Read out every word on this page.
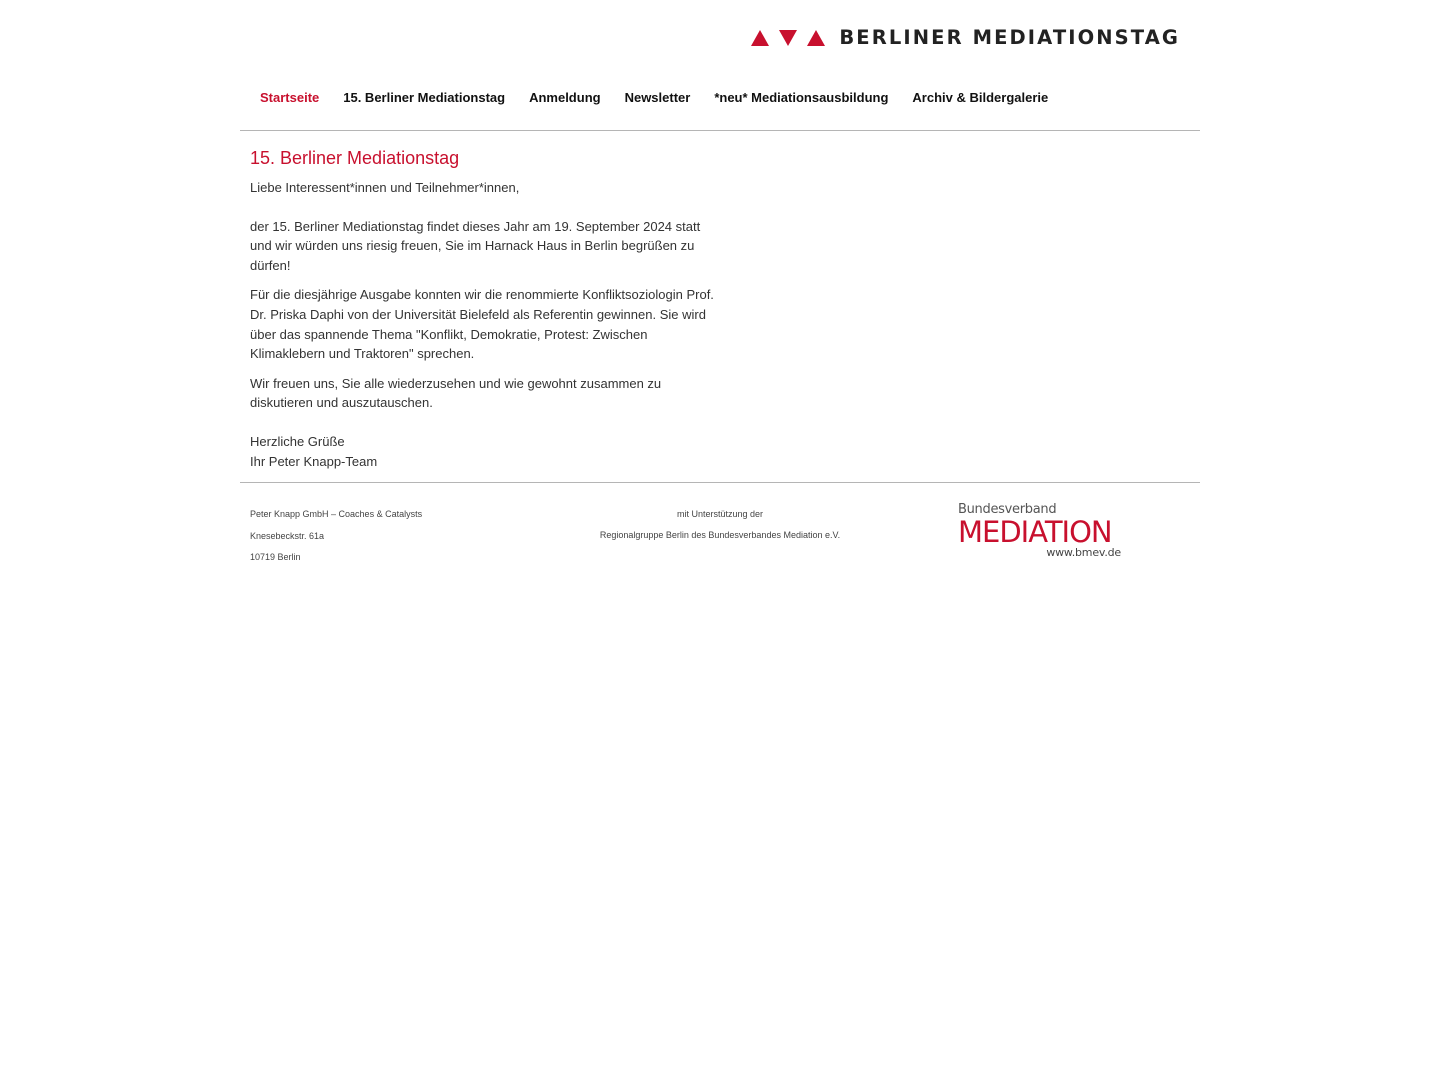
BERLINER MEDIATIONSTAG
Startseite 15. Berliner Mediationstag Anmeldung Newsletter *neu* Mediationsausbildung Archiv & Bildergalerie
15. Berliner Mediationstag

Liebe Interessent*innen und Teilnehmer*innen,

der 15. Berliner Mediationstag findet dieses Jahr am 19. September 2024 statt und wir würden uns riesig freuen, Sie im Harnack Haus in Berlin begrüßen zu dürfen!

Für die diesjährige Ausgabe konnten wir die renommierte Konfliktsoziologin Prof. Dr. Priska Daphi von der Universität Bielefeld als Referentin gewinnen. Sie wird über das spannende Thema "Konflikt, Demokratie, Protest: Zwischen Klimaklebern und Traktoren" sprechen.

Wir freuen uns, Sie alle wiederzusehen und wie gewohnt zusammen zu diskutieren und auszutauschen.

Herzliche Grüße

Ihr Peter Knapp-Team

Peter Knapp GmbH – Coaches & Catalysts
Knesebeckstr. 61a
10719 Berlin
mit Unterstützung der
Regionalgruppe Berlin des Bundesverbandes Mediation e.V.
Bundesverband
MEDIATION
www.bmev.de
